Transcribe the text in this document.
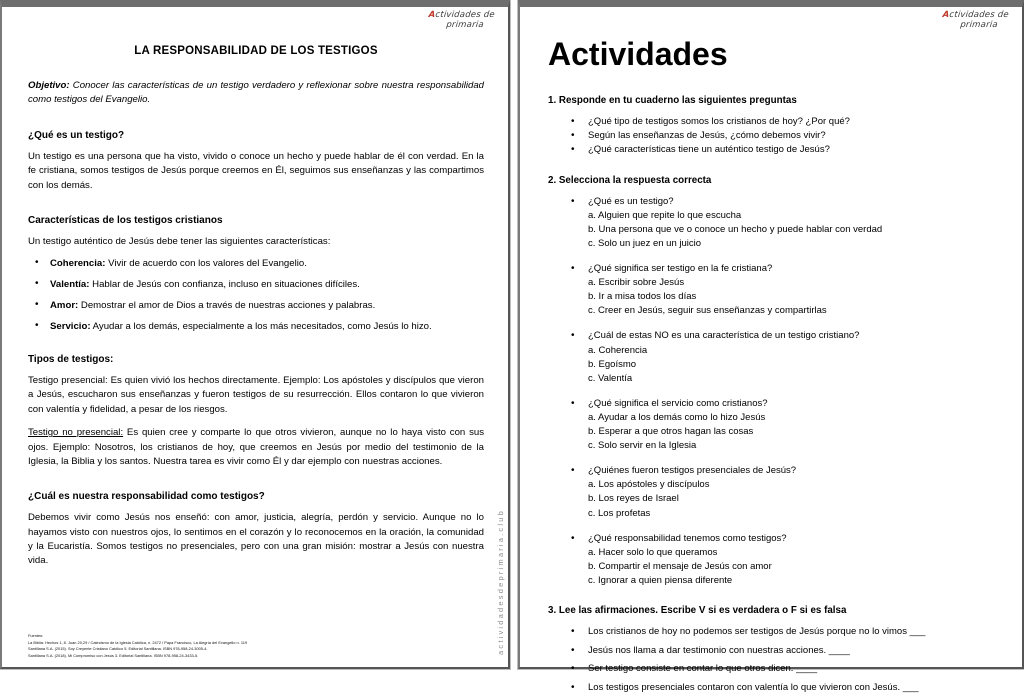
Actividades de
primaria
LA RESPONSABILIDAD DE LOS TESTIGOS

Objetivo: Conocer las características de un testigo verdadero y reflexionar sobre nuestra responsabilidad como testigos del Evangelio.

¿Qué es un testigo?

Un testigo es una persona que ha visto, vivido o conoce un hecho y puede hablar de él con verdad. En la fe cristiana, somos testigos de Jesús porque creemos en Él, seguimos sus enseñanzas y las compartimos con los demás.

Características de los testigos cristianos

Un testigo auténtico de Jesús debe tener las siguientes características:

• Coherencia: Vivir de acuerdo con los valores del Evangelio.
• Valentía: Hablar de Jesús con confianza, incluso en situaciones difíciles.
• Amor: Demostrar el amor de Dios a través de nuestras acciones y palabras.
• Servicio: Ayudar a los demás, especialmente a los más necesitados, como Jesús lo hizo.
Tipos de testigos:

Testigo presencial: Es quien vivió los hechos directamente. Ejemplo: Los apóstoles y discípulos que vieron a Jesús, escucharon sus enseñanzas y fueron testigos de su resurrección. Ellos contaron lo que vivieron con valentía y fidelidad, a pesar de los riesgos.

Testigo no presencial: Es quien cree y comparte lo que otros vivieron, aunque no lo haya visto con sus ojos. Ejemplo: Nosotros, los cristianos de hoy, que creemos en Jesús por medio del testimonio de la Iglesia, la Biblia y los santos. Nuestra tarea es vivir como Él y dar ejemplo con nuestras acciones.

¿Cuál es nuestra responsabilidad como testigos?

Debemos vivir como Jesús nos enseñó: con amor, justicia, alegría, perdón y servicio. Aunque no lo hayamos visto con nuestros ojos, lo sentimos en el corazón y lo reconocemos en la oración, la comunidad y la Eucaristía. Somos testigos no presenciales, pero con una gran misión: mostrar a Jesús con nuestra vida.

Fuentes:
La Biblia: Hechos 1, 8. Juan 20,29 / Catecismo de la Iglesia Católica, n. 2472 / Papa Francisco, La Alegría del Evangelio n. 119
Santillana S.A. (2015). Soy Creyente Cristiano Católico 5. Editorial Santillana. ISBN 978-958-24-3005-4.
Santillana S.A. (2018). Mi Compromiso con Jesús 3. Editorial Santillana. ISBN 978-958-24-3433-5.
actividadesdeprimaria.club
Actividades de
primaria
Actividades
1. Responde en tu cuaderno las siguientes preguntas
• ¿Qué tipo de testigos somos los cristianos de hoy? ¿Por qué?
• Según las enseñanzas de Jesús, ¿cómo debemos vivir?
• ¿Qué características tiene un auténtico testigo de Jesús?
2. Selecciona la respuesta correcta
• ¿Qué es un testigo?
a. Alguien que repite lo que escucha
b. Una persona que ve o conoce un hecho y puede hablar con verdad
c. Solo un juez en un juicio
• ¿Qué significa ser testigo en la fe cristiana?
a. Escribir sobre Jesús
b. Ir a misa todos los días
c. Creer en Jesús, seguir sus enseñanzas y compartirlas
• ¿Cuál de estas NO es una característica de un testigo cristiano?
a. Coherencia
b. Egoísmo
c. Valentía
• ¿Qué significa el servicio como cristianos?
a. Ayudar a los demás como lo hizo Jesús
b. Esperar a que otros hagan las cosas
c. Solo servir en la Iglesia
• ¿Quiénes fueron testigos presenciales de Jesús?
a. Los apóstoles y discípulos
b. Los reyes de Israel
c. Los profetas
• ¿Qué responsabilidad tenemos como testigos?
a. Hacer solo lo que queramos
b. Compartir el mensaje de Jesús con amor
c. Ignorar a quien piensa diferente
3. Lee las afirmaciones. Escribe V si es verdadera o F si es falsa
• Los cristianos de hoy no podemos ser testigos de Jesús porque no lo vimos ___
• Jesús nos llama a dar testimonio con nuestras acciones. ____
• Ser testigo consiste en contar lo que otros dicen. ____
• Los testigos presenciales contaron con valentía lo que vivieron con Jesús. ___
